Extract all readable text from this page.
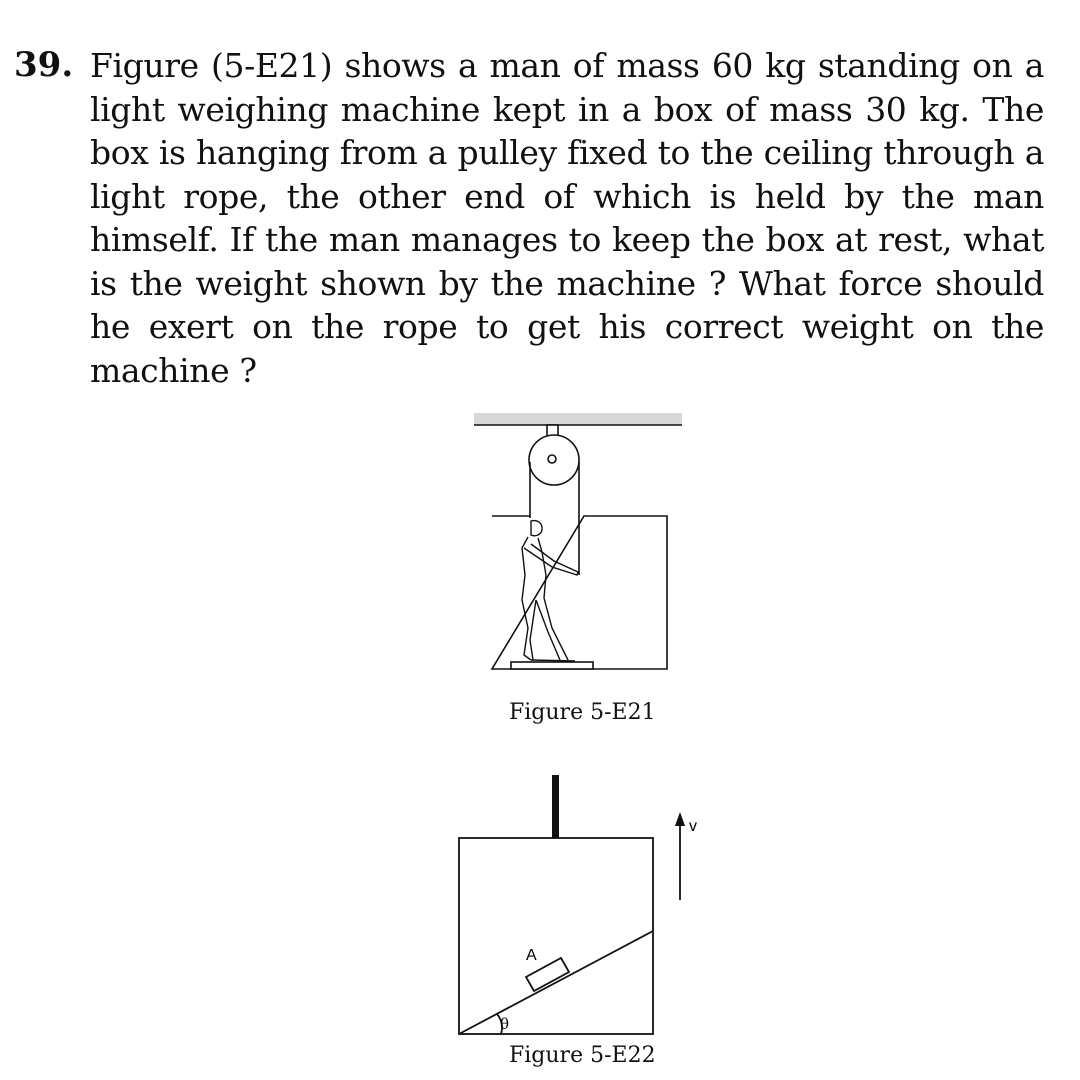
39. Figure (5-E21) shows a man of mass 60 kg standing on a light weighing machine kept in a box of mass 30 kg. The box is hanging from a pulley fixed to the ceiling through a light rope, the other end of which is held by the man himself. If the man manages to keep the box at rest, what is the weight shown by the machine ? What force should he exert on the rope to get his correct weight on the machine ?
A
v
θ
Figure 5-E21
Figure 5-E22
